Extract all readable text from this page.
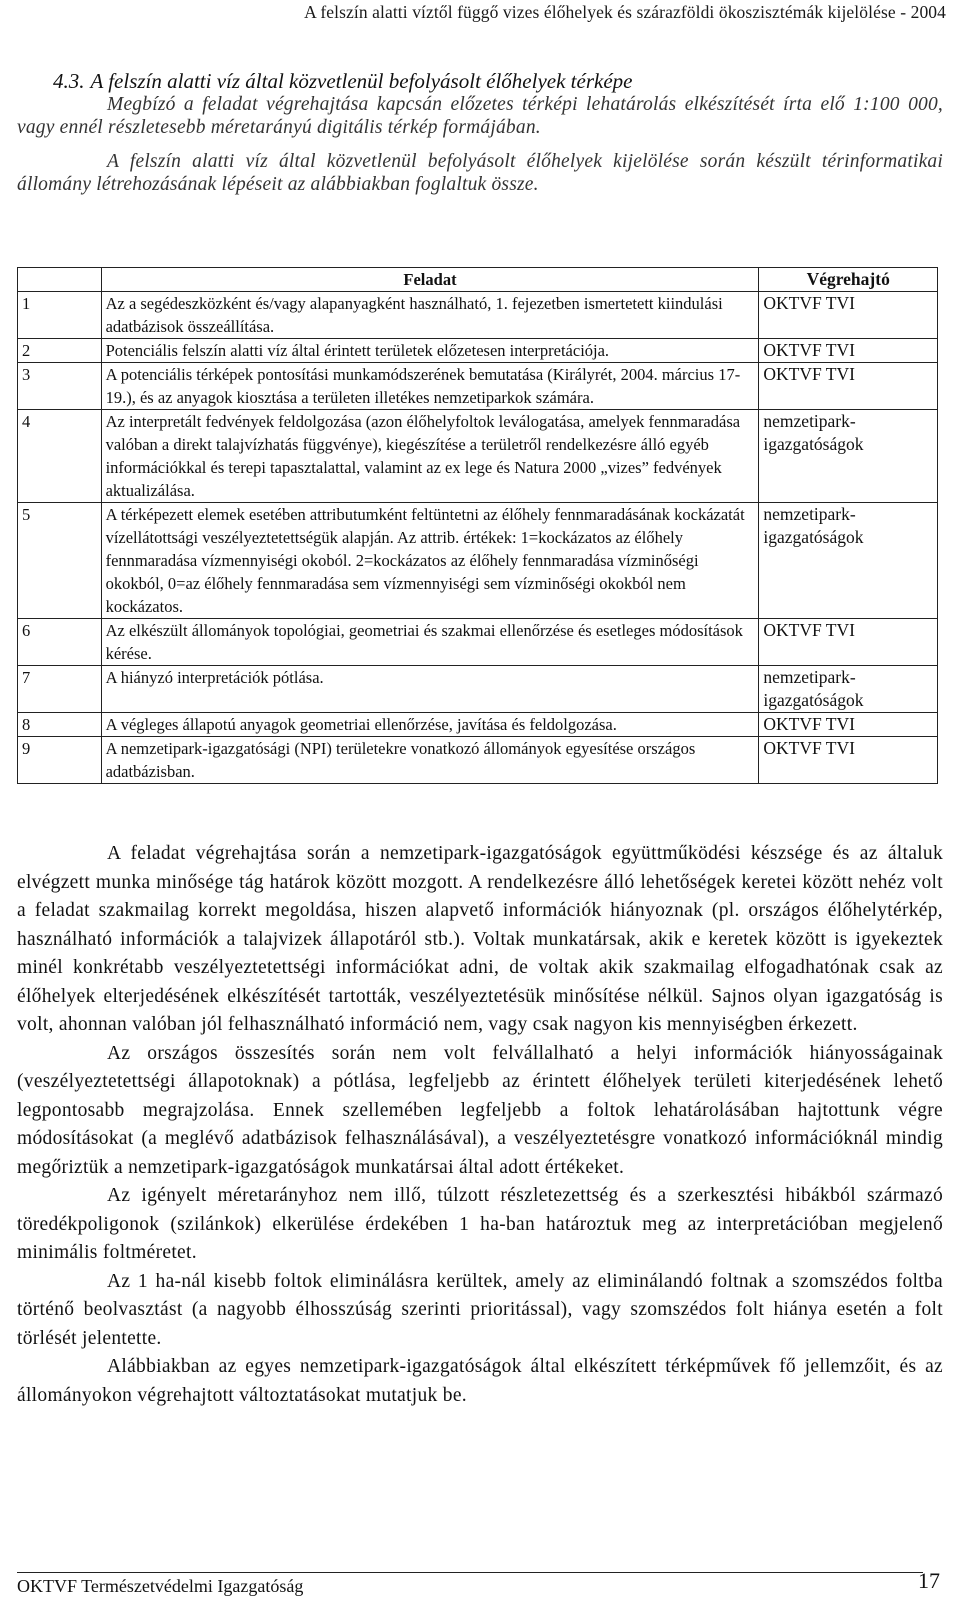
A felszín alatti víztől függő vizes élőhelyek és szárazföldi ökoszisztémák kijelölése - 2004

4.3. A felszín alatti víz által közvetlenül befolyásolt élőhelyek térképe

Megbízó a feladat végrehajtása kapcsán előzetes térképi lehatárolás elkészítését írta elő 1:100 000, vagy ennél részletesebb méretarányú digitális térkép formájában.

A felszín alatti víz által közvetlenül befolyásolt élőhelyek kijelölése során készült térinformatikai állomány létrehozásának lépéseit az alábbiakban foglaltuk össze.

	Feladat	Végrehajtó
1	Az a segédeszközként és/vagy alapanyagként használható, 1. fejezetben ismertetett kiindulási adatbázisok összeállítása.	OKTVF TVI
2	Potenciális felszín alatti víz által érintett területek előzetesen interpretációja.	OKTVF TVI
3	A potenciális térképek pontosítási munkamódszerének bemutatása (Királyrét, 2004. március 17-19.), és az anyagok kiosztása a területen illetékes nemzetiparkok számára.	OKTVF TVI
4	Az interpretált fedvények feldolgozása (azon élőhelyfoltok leválogatása, amelyek fennmaradása valóban a direkt talajvízhatás függvénye), kiegészítése a területről rendelkezésre álló egyéb információkkal és terepi tapasztalattal, valamint az ex lege és Natura 2000 „vizes” fedvények aktualizálása.	nemzetipark-igazgatóságok
5	A térképezett elemek esetében attributumként feltüntetni az élőhely fennmaradásának kockázatát vízellátottsági veszélyeztetettségük alapján. Az attrib. értékek: 1=kockázatos az élőhely fennmaradása vízmennyiségi okoból. 2=kockázatos az élőhely fennmaradása vízminőségi okokból, 0=az élőhely fennmaradása sem vízmennyiségi sem vízminőségi okokból nem kockázatos.	nemzetipark-igazgatóságok
6	Az elkészült állományok topológiai, geometriai és szakmai ellenőrzése és esetleges módosítások kérése.	OKTVF TVI
7	A hiányzó interpretációk pótlása.	nemzetipark-igazgatóságok
8	A végleges állapotú anyagok geometriai ellenőrzése, javítása és feldolgozása.	OKTVF TVI
9	A nemzetipark-igazgatósági (NPI) területekre vonatkozó állományok egyesítése országos adatbázisban.	OKTVF TVI

A feladat végrehajtása során a nemzetipark-igazgatóságok együttműködési készsége és az általuk elvégzett munka minősége tág határok között mozgott. A rendelkezésre álló lehetőségek keretei között nehéz volt a feladat szakmailag korrekt megoldása, hiszen alapvető információk hiányoznak (pl. országos élőhelytérkép, használható információk a talajvizek állapotáról stb.). Voltak munkatársak, akik e keretek között is igyekeztek minél konkrétabb veszélyeztetettségi információkat adni, de voltak akik szakmailag elfogadhatónak csak az élőhelyek elterjedésének elkészítését tartották, veszélyeztetésük minősítése nélkül. Sajnos olyan igazgatóság is volt, ahonnan valóban jól felhasználható információ nem, vagy csak nagyon kis mennyiségben érkezett.

Az országos összesítés során nem volt felvállalható a helyi információk hiányosságainak (veszélyeztetettségi állapotoknak) a pótlása, legfeljebb az érintett élőhelyek területi kiterjedésének lehető legpontosabb megrajzolása. Ennek szellemében legfeljebb a foltok lehatárolásában hajtottunk végre módosításokat (a meglévő adatbázisok felhasználásával), a veszélyeztetésgre vonatkozó információknál mindig megőriztük a nemzetipark-igazgatóságok munkatársai által adott értékeket.

Az igényelt méretarányhoz nem illő, túlzott részletezettség és a szerkesztési hibákból származó töredékpoligonok (szilánkok) elkerülése érdekében 1 ha-ban határoztuk meg az interpretációban megjelenő minimális foltméretet.

Az 1 ha-nál kisebb foltok eliminálásra kerültek, amely az eliminálandó foltnak a szomszédos foltba történő beolvasztást (a nagyobb élhosszúság szerinti prioritással), vagy szomszédos folt hiánya esetén a folt törlését jelentette.

Alábbiakban az egyes nemzetipark-igazgatóságok által elkészített térképművek fő jellemzőit, és az állományokon végrehajtott változtatásokat mutatjuk be.

OKTVF Természetvédelmi Igazgatóság	17
